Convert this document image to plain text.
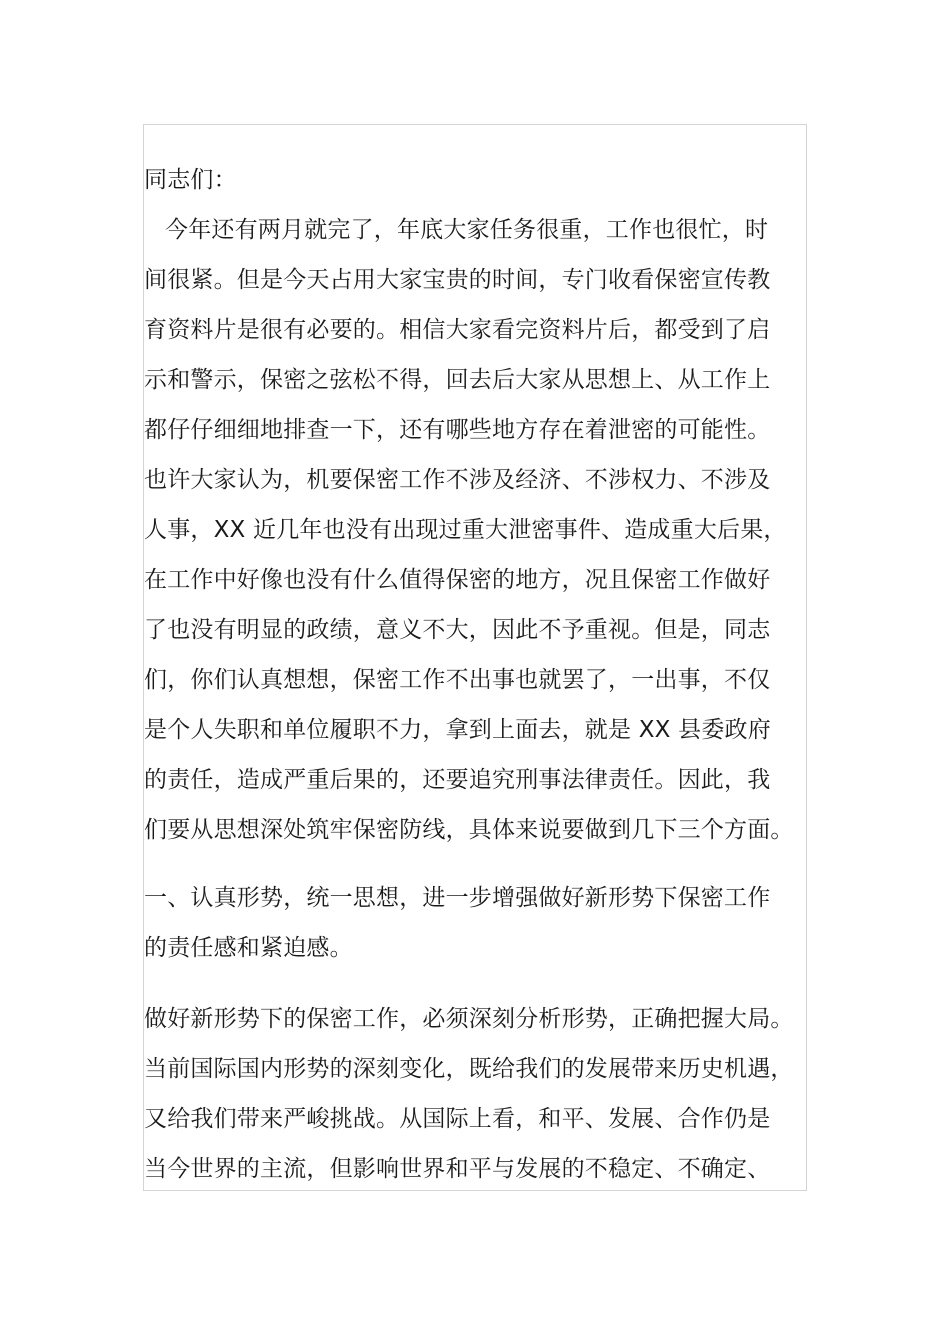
同志们：
今年还有两月就完了，年底大家任务很重，工作也很忙，时
间很紧。但是今天占用大家宝贵的时间，专门收看保密宣传教
育资料片是很有必要的。相信大家看完资料片后，都受到了启
示和警示，保密之弦松不得，回去后大家从思想上、从工作上
都仔仔细细地排查一下，还有哪些地方存在着泄密的可能性。
也许大家认为，机要保密工作不涉及经济、不涉权力、不涉及
人事，XX 近几年也没有出现过重大泄密事件、造成重大后果，
在工作中好像也没有什么值得保密的地方，况且保密工作做好
了也没有明显的政绩，意义不大，因此不予重视。但是，同志
们，你们认真想想，保密工作不出事也就罢了，一出事，不仅
是个人失职和单位履职不力，拿到上面去，就是 XX 县委政府
的责任，造成严重后果的，还要追究刑事法律责任。因此，我
们要从思想深处筑牢保密防线，具体来说要做到几下三个方面。
一、认真形势，统一思想，进一步增强做好新形势下保密工作
的责任感和紧迫感。
做好新形势下的保密工作，必须深刻分析形势，正确把握大局。
当前国际国内形势的深刻变化，既给我们的发展带来历史机遇，
又给我们带来严峻挑战。从国际上看，和平、发展、合作仍是
当今世界的主流，但影响世界和平与发展的不稳定、不确定、
